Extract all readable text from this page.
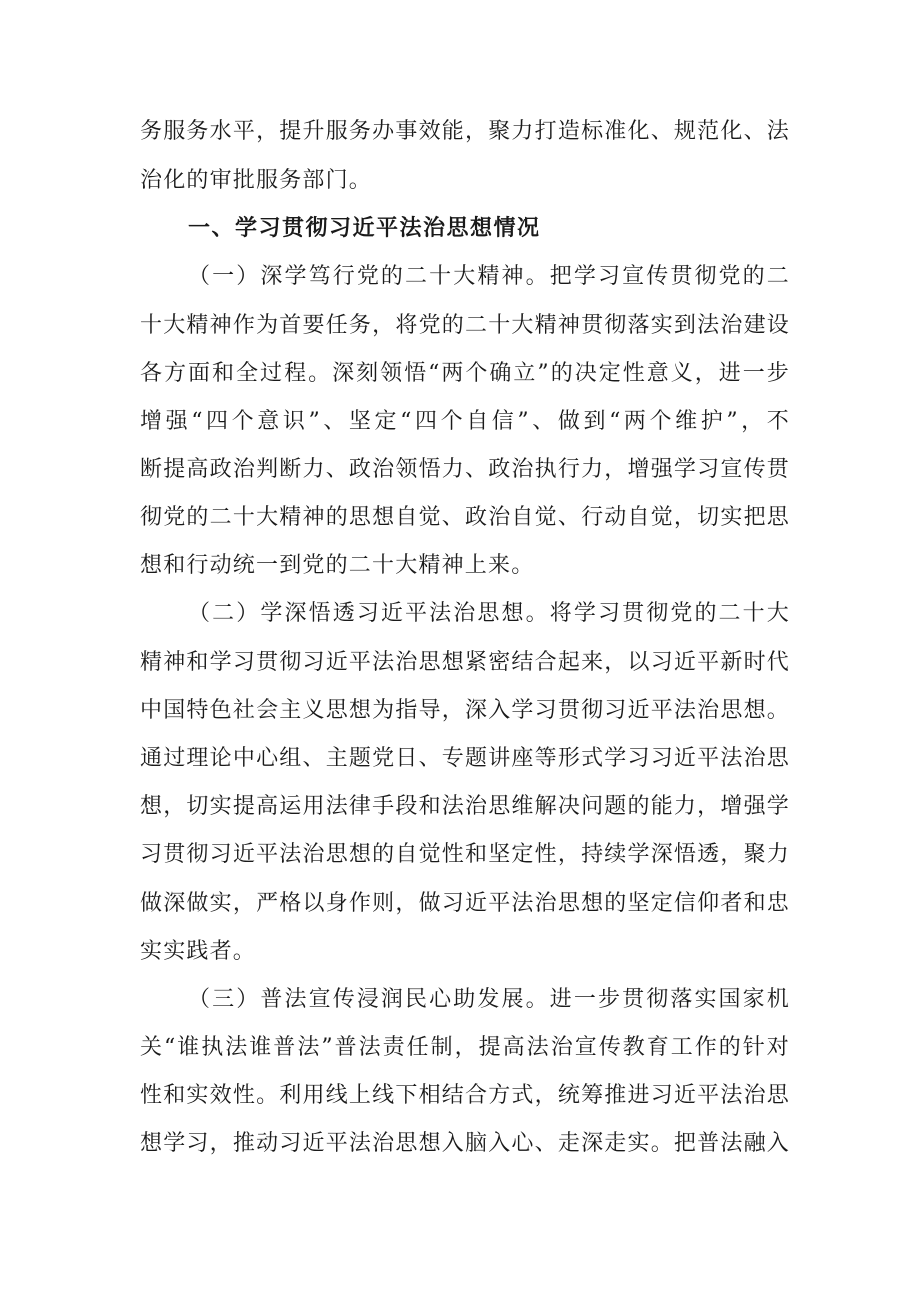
务服务水平，提升服务办事效能，聚力打造标准化、规范化、法
治化的审批服务部门。
一、学习贯彻习近平法治思想情况
（一）深学笃行党的二十大精神。把学习宣传贯彻党的二
十大精神作为首要任务，将党的二十大精神贯彻落实到法治建设
各方面和全过程。深刻领悟“两个确立”的决定性意义，进一步
增强“四个意识”、坚定“四个自信”、做到“两个维护”，不
断提高政治判断力、政治领悟力、政治执行力，增强学习宣传贯
彻党的二十大精神的思想自觉、政治自觉、行动自觉，切实把思
想和行动统一到党的二十大精神上来。
（二）学深悟透习近平法治思想。将学习贯彻党的二十大
精神和学习贯彻习近平法治思想紧密结合起来，以习近平新时代
中国特色社会主义思想为指导，深入学习贯彻习近平法治思想。
通过理论中心组、主题党日、专题讲座等形式学习习近平法治思
想，切实提高运用法律手段和法治思维解决问题的能力，增强学
习贯彻习近平法治思想的自觉性和坚定性，持续学深悟透，聚力
做深做实，严格以身作则，做习近平法治思想的坚定信仰者和忠
实实践者。
（三）普法宣传浸润民心助发展。进一步贯彻落实国家机
关“谁执法谁普法”普法责任制，提高法治宣传教育工作的针对
性和实效性。利用线上线下相结合方式，统筹推进习近平法治思
想学习，推动习近平法治思想入脑入心、走深走实。把普法融入
